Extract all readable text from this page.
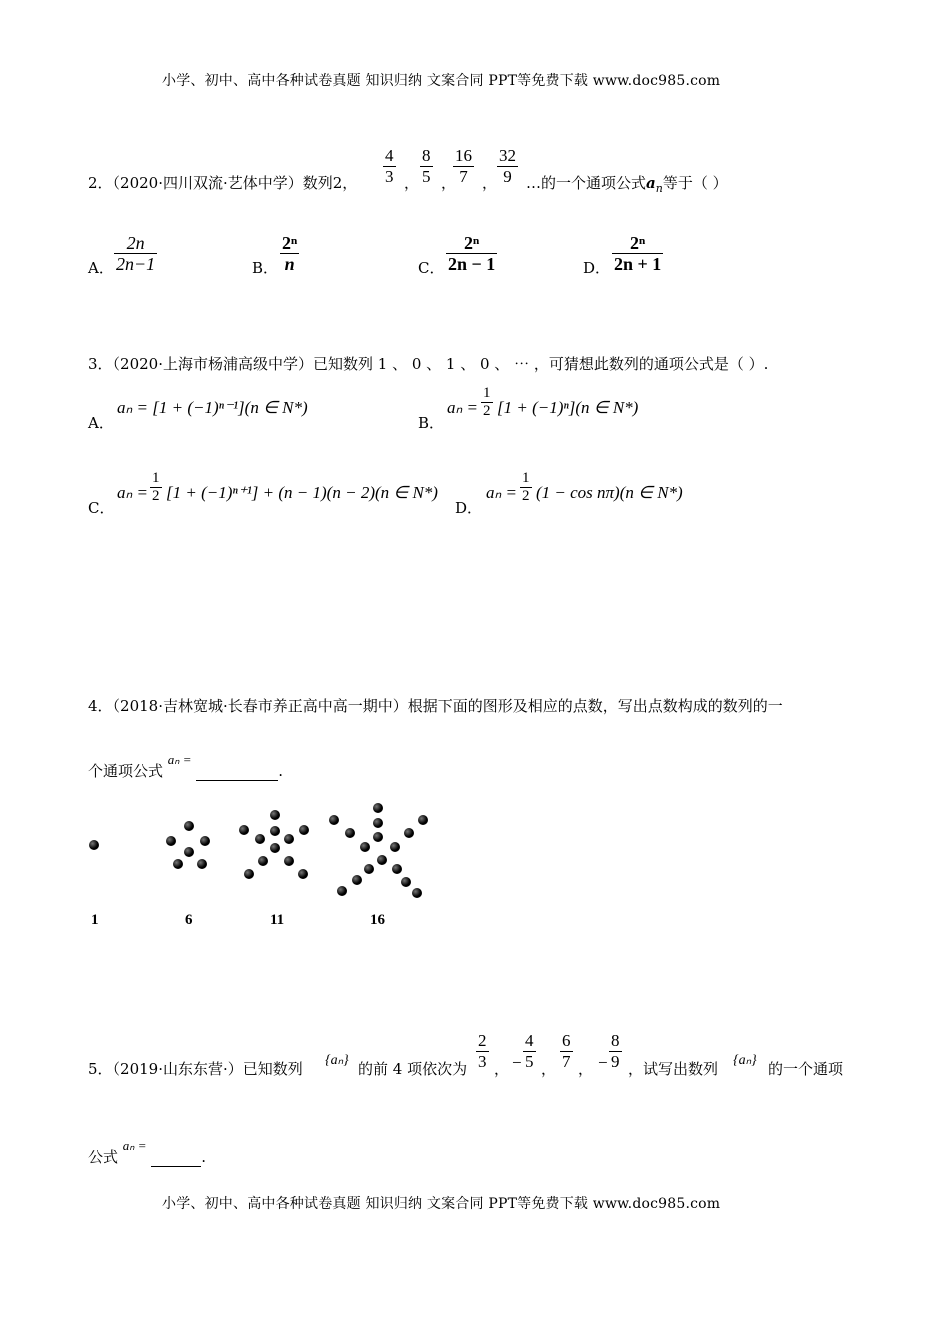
小学、初中、高中各种试卷真题 知识归纳 文案合同 PPT等免费下载 www.doc985.com
2．（2020·四川双流·艺体中学）数列2， $\frac{4}{3}$ ， $\frac{8}{5}$ ，
$\frac{16}{7}$ ， $\frac{32}{9}$ …的一个通项公式$a_n$等于（ ）
A． $\frac{2n}{2n-1}$	B． $\frac{\text{2ⁿ}}{n}$	C． $\frac{\text{2ⁿ}}{2n - 1}$	D． $\frac{\text{2ⁿ}}{2n + 1}$
3．（2020·上海市杨浦高级中学）已知数列 1 、 0 、 1 、 0 、 ⋯ ，可猜想此数列的通项公式是（ ）.
A．
aₙ = [1 + (−1)ⁿ⁻¹](n ∈ N*)
B．
$a_n = \frac{1}{2} [1 + (-1)^n](n$ ∈ N*)
C．
$a_n = \frac{1}{2} [1 + (-1)^{n+1}] + (n - 1)(n - 2)(n$ ∈ N*)
D．
$a_n = \frac{1}{2} (1 - \cos n\pi)(n$ ∈ N*)
4．（2018·吉林宽城·长春市养正高中高一期中）根据下面的图形及相应的点数，写出点数构成的数列的一
个通项公式 aₙ = .
1	6	11	16
5．（2019·山东东营·）已知数列 {aₙ} 的前 4 项依次为 $\frac{2}{3}$ ， − $\frac{4}{5}$ ， $\frac{6}{7}$ ， − $\frac{8}{9}$ ，试写出数列 {aₙ} 的一个通项
公式 aₙ = .
小学、初中、高中各种试卷真题 知识归纳 文案合同 PPT等免费下载 www.doc985.com
